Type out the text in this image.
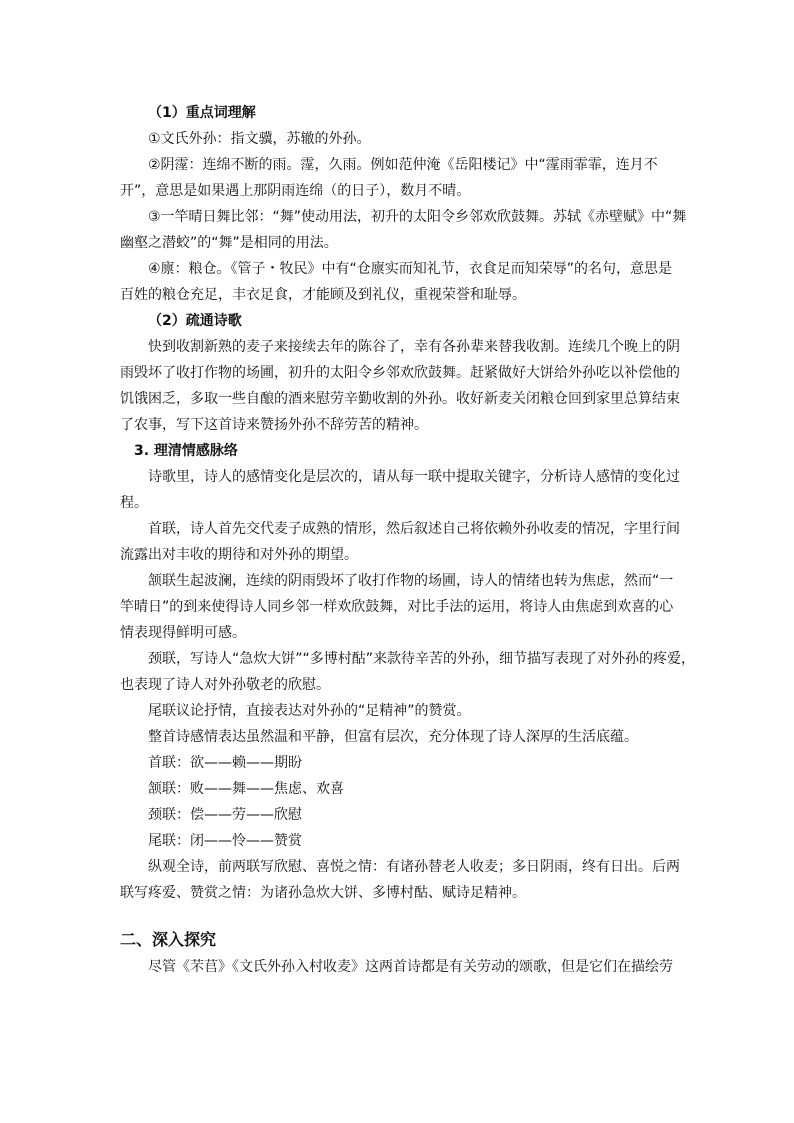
（1）重点词理解
①文氏外孙：指文骥，苏辙的外孙。
②阴霪：连绵不断的雨。霪，久雨。例如范仲淹《岳阳楼记》中“霪雨霏霏，连月不
开”，意思是如果遇上那阴雨连绵（的日子），数月不晴。
③一竿晴日舞比邻：“舞”使动用法，初升的太阳令乡邻欢欣鼓舞。苏轼《赤壁赋》中“舞
幽壑之潜蛟”的“舞”是相同的用法。
④廪：粮仓。《管子・牧民》中有“仓廪实而知礼节，衣食足而知荣辱”的名句，意思是
百姓的粮仓充足，丰衣足食，才能顾及到礼仪，重视荣誉和耻辱。
（2）疏通诗歌
快到收割新熟的麦子来接续去年的陈谷了，幸有各孙辈来替我收割。连续几个晚上的阴
雨毁坏了收打作物的场圃，初升的太阳令乡邻欢欣鼓舞。赶紧做好大饼给外孙吃以补偿他的
饥饿困乏，多取一些自酿的酒来慰劳辛勤收割的外孙。收好新麦关闭粮仓回到家里总算结束
了农事，写下这首诗来赞扬外孙不辞劳苦的精神。
3. 理清情感脉络
诗歌里，诗人的感情变化是层次的，请从每一联中提取关键字，分析诗人感情的变化过
程。
首联，诗人首先交代麦子成熟的情形，然后叙述自己将依赖外孙收麦的情况，字里行间
流露出对丰收的期待和对外孙的期望。
颔联生起波澜，连续的阴雨毁坏了收打作物的场圃，诗人的情绪也转为焦虑，然而“一
竿晴日”的到来使得诗人同乡邻一样欢欣鼓舞，对比手法的运用，将诗人由焦虑到欢喜的心
情表现得鲜明可感。
颈联，写诗人“急炊大饼”“多博村酤”来款待辛苦的外孙，细节描写表现了对外孙的疼爱，
也表现了诗人对外孙敬老的欣慰。
尾联议论抒情，直接表达对外孙的“足精神”的赞赏。
整首诗感情表达虽然温和平静，但富有层次，充分体现了诗人深厚的生活底蕴。
首联：欲——赖——期盼
颔联：败——舞——焦虑、欢喜
颈联：偿——劳——欣慰
尾联：闭——怜——赞赏
纵观全诗，前两联写欣慰、喜悦之情：有诸孙替老人收麦；多日阴雨，终有日出。后两
联写疼爱、赞赏之情：为诸孙急炊大饼、多博村酤、赋诗足精神。
二、深入探究
尽管《芣苢》《文氏外孙入村收麦》这两首诗都是有关劳动的颂歌，但是它们在描绘劳
